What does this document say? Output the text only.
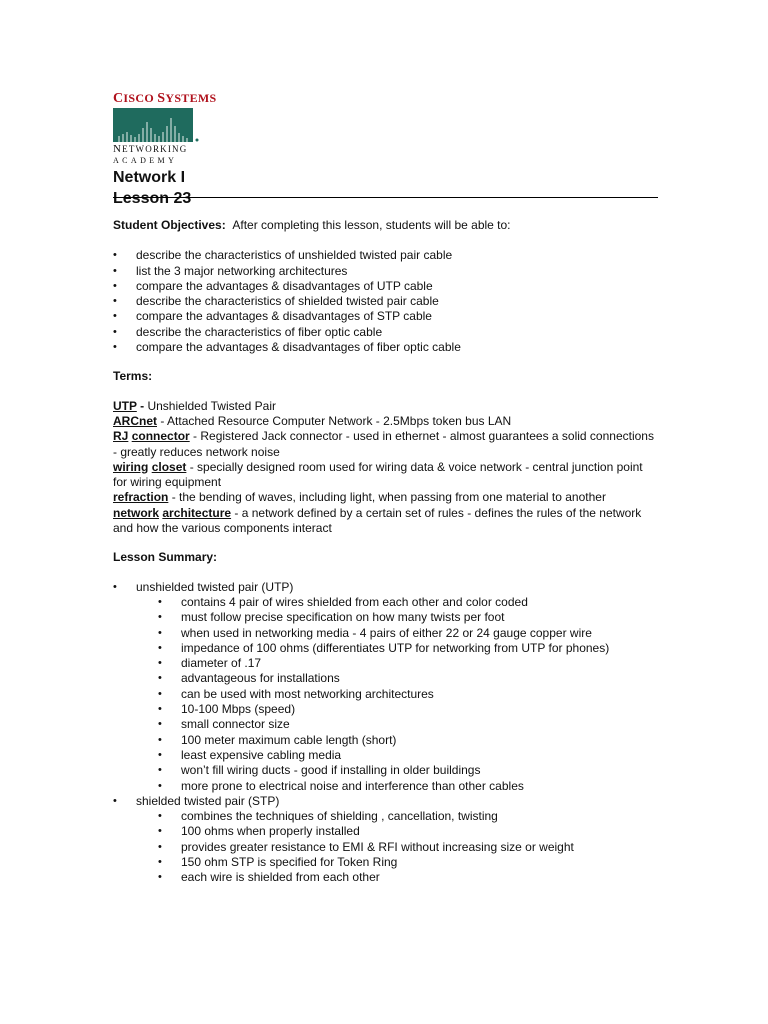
CISCO SYSTEMS
NETWORKING
ACADEMY
Network I
Lesson 23

Student Objectives: After completing this lesson, students will be able to:

• describe the characteristics of unshielded twisted pair cable
• list the 3 major networking architectures
• compare the advantages & disadvantages of UTP cable
• describe the characteristics of shielded twisted pair cable
• compare the advantages & disadvantages of STP cable
• describe the characteristics of fiber optic cable
• compare the advantages & disadvantages of fiber optic cable

Terms:

UTP - Unshielded Twisted Pair

ARCnet - Attached Resource Computer Network - 2.5Mbps token bus LAN

RJ connector - Registered Jack connector - used in ethernet - almost guarantees a solid connections - greatly reduces network noise

wiring closet - specially designed room used for wiring data & voice network - central junction point for wiring equipment

refraction - the bending of waves, including light, when passing from one material to another

network architecture - a network defined by a certain set of rules - defines the rules of the network and how the various components interact

Lesson Summary:

• unshielded twisted pair (UTP)
• contains 4 pair of wires shielded from each other and color coded
• must follow precise specification on how many twists per foot
• when used in networking media - 4 pairs of either 22 or 24 gauge copper wire
• impedance of 100 ohms (differentiates UTP for networking from UTP for phones)
• diameter of .17
• advantageous for installations
• can be used with most networking architectures
• 10-100 Mbps (speed)
• small connector size
• 100 meter maximum cable length (short)
• least expensive cabling media
• won’t fill wiring ducts - good if installing in older buildings
• more prone to electrical noise and interference than other cables
• shielded twisted pair (STP)
• combines the techniques of shielding , cancellation, twisting
• 100 ohms when properly installed
• provides greater resistance to EMI & RFI without increasing size or weight
• 150 ohm STP is specified for Token Ring
• each wire is shielded from each other
